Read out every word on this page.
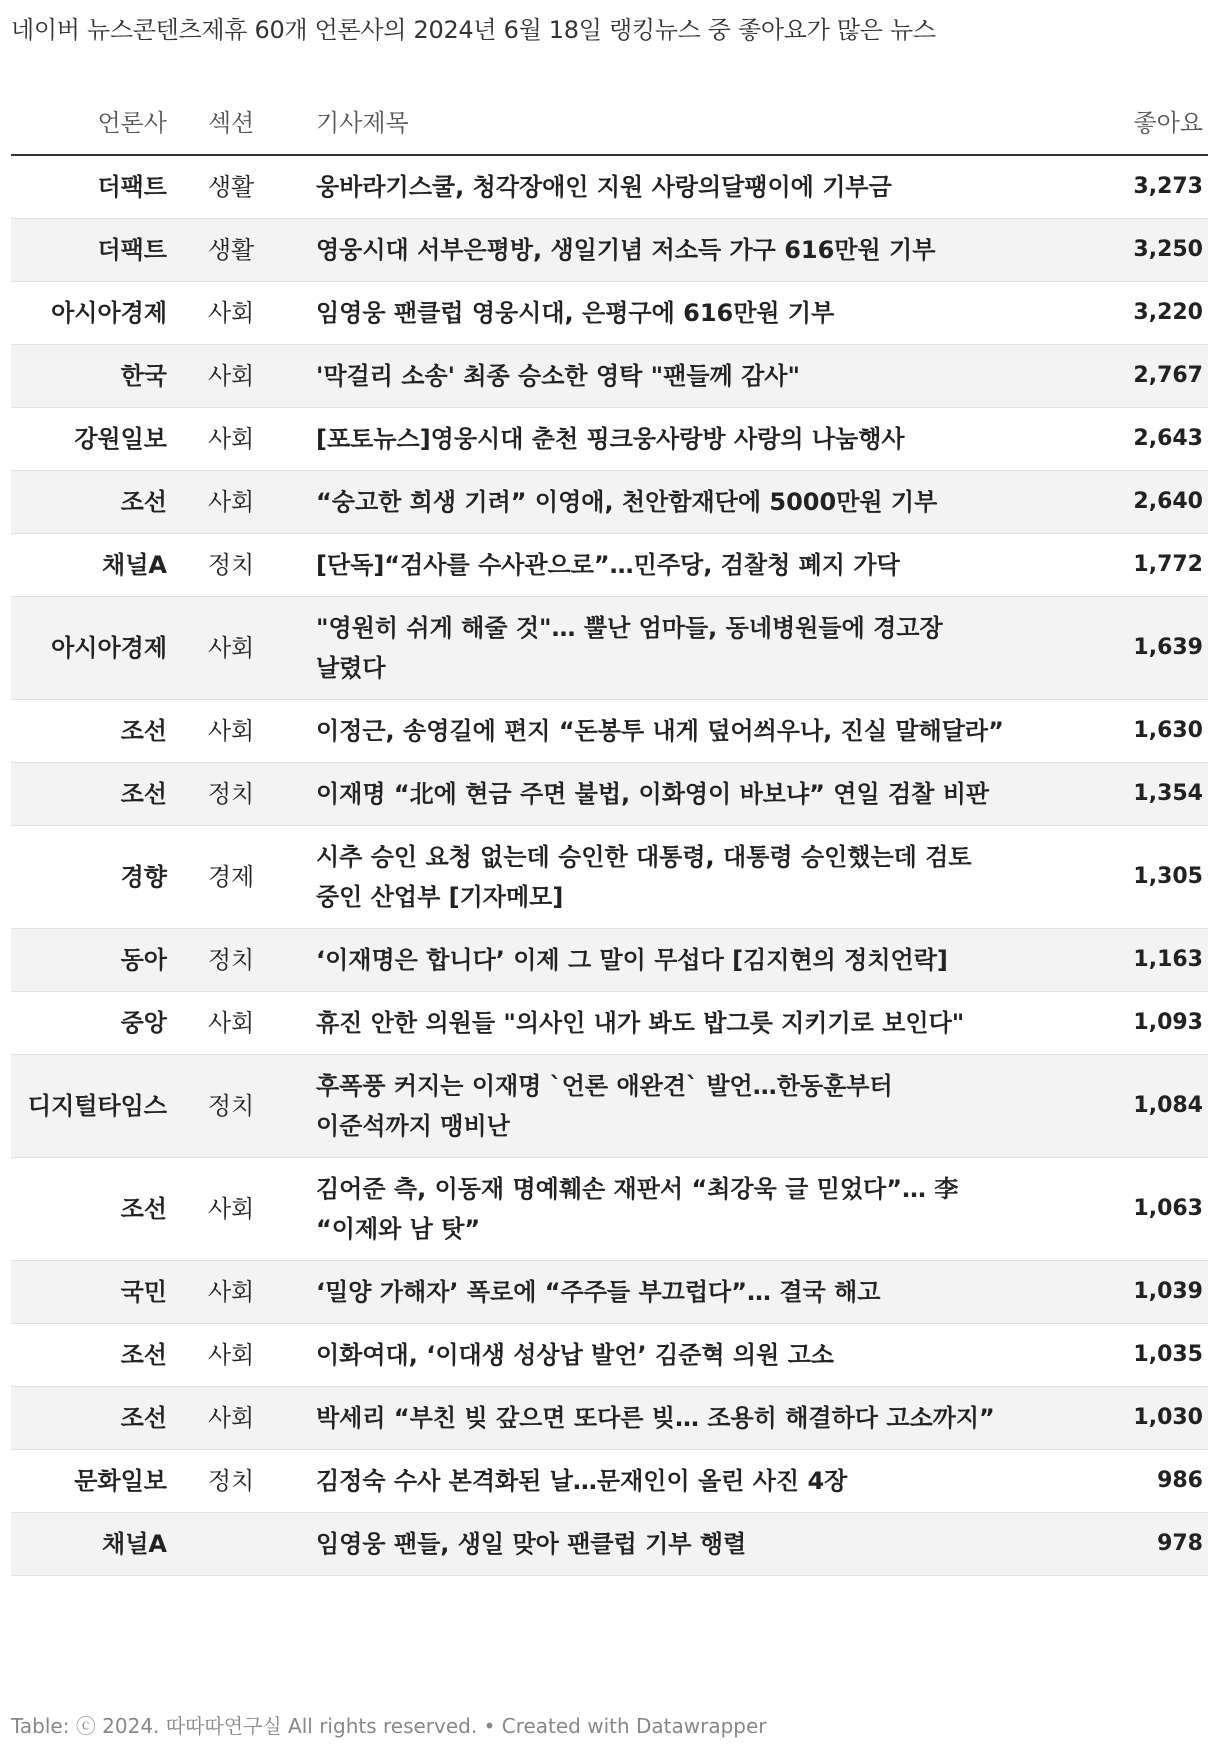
네이버 뉴스콘텐츠제휴 60개 언론사의 2024년 6월 18일 랭킹뉴스 중 좋아요가 많은 뉴스
언론사	섹션	기사제목	좋아요
더팩트	생활	웅바라기스쿨, 청각장애인 지원 사랑의달팽이에 기부금	3,273
더팩트	생활	영웅시대 서부은평방, 생일기념 저소득 가구 616만원 기부	3,250
아시아경제	사회	임영웅 팬클럽 영웅시대, 은평구에 616만원 기부	3,220
한국	사회	'막걸리 소송' 최종 승소한 영탁 "팬들께 감사"	2,767
강원일보	사회	[포토뉴스]영웅시대 춘천 핑크웅사랑방 사랑의 나눔행사	2,643
조선	사회	“숭고한 희생 기려” 이영애, 천안함재단에 5000만원 기부	2,640
채널A	정치	[단독]“검사를 수사관으로”…민주당, 검찰청 폐지 가닥	1,772
아시아경제	사회	"영원히 쉬게 해줄 것"… 뿔난 엄마들, 동네병원들에 경고장 날렸다	1,639
조선	사회	이정근, 송영길에 편지 “돈봉투 내게 덮어씌우나, 진실 말해달라”	1,630
조선	정치	이재명 “北에 현금 주면 불법, 이화영이 바보냐” 연일 검찰 비판	1,354
경향	경제	시추 승인 요청 없는데 승인한 대통령, 대통령 승인했는데 검토 중인 산업부 [기자메모]	1,305
동아	정치	‘이재명은 합니다’ 이제 그 말이 무섭다 [김지현의 정치언락]	1,163
중앙	사회	휴진 안한 의원들 "의사인 내가 봐도 밥그릇 지키기로 보인다"	1,093
디지털타임스	정치	후폭풍 커지는 이재명 `언론 애완견` 발언…한동훈부터 이준석까지 맹비난	1,084
조선	사회	김어준 측, 이동재 명예훼손 재판서 “최강욱 글 믿었다”… 李 “이제와 남 탓”	1,063
국민	사회	‘밀양 가해자’ 폭로에 “주주들 부끄럽다”… 결국 해고	1,039
조선	사회	이화여대, ‘이대생 성상납 발언’ 김준혁 의원 고소	1,035
조선	사회	박세리 “부친 빚 갚으면 또다른 빚… 조용히 해결하다 고소까지”	1,030
문화일보	정치	김정숙 수사 본격화된 날…문재인이 올린 사진 4장	986
채널A		임영웅 팬들, 생일 맞아 팬클럽 기부 행렬	978
Table: ⓒ 2024. 따따따연구실 All rights reserved. • Created with Datawrapper
